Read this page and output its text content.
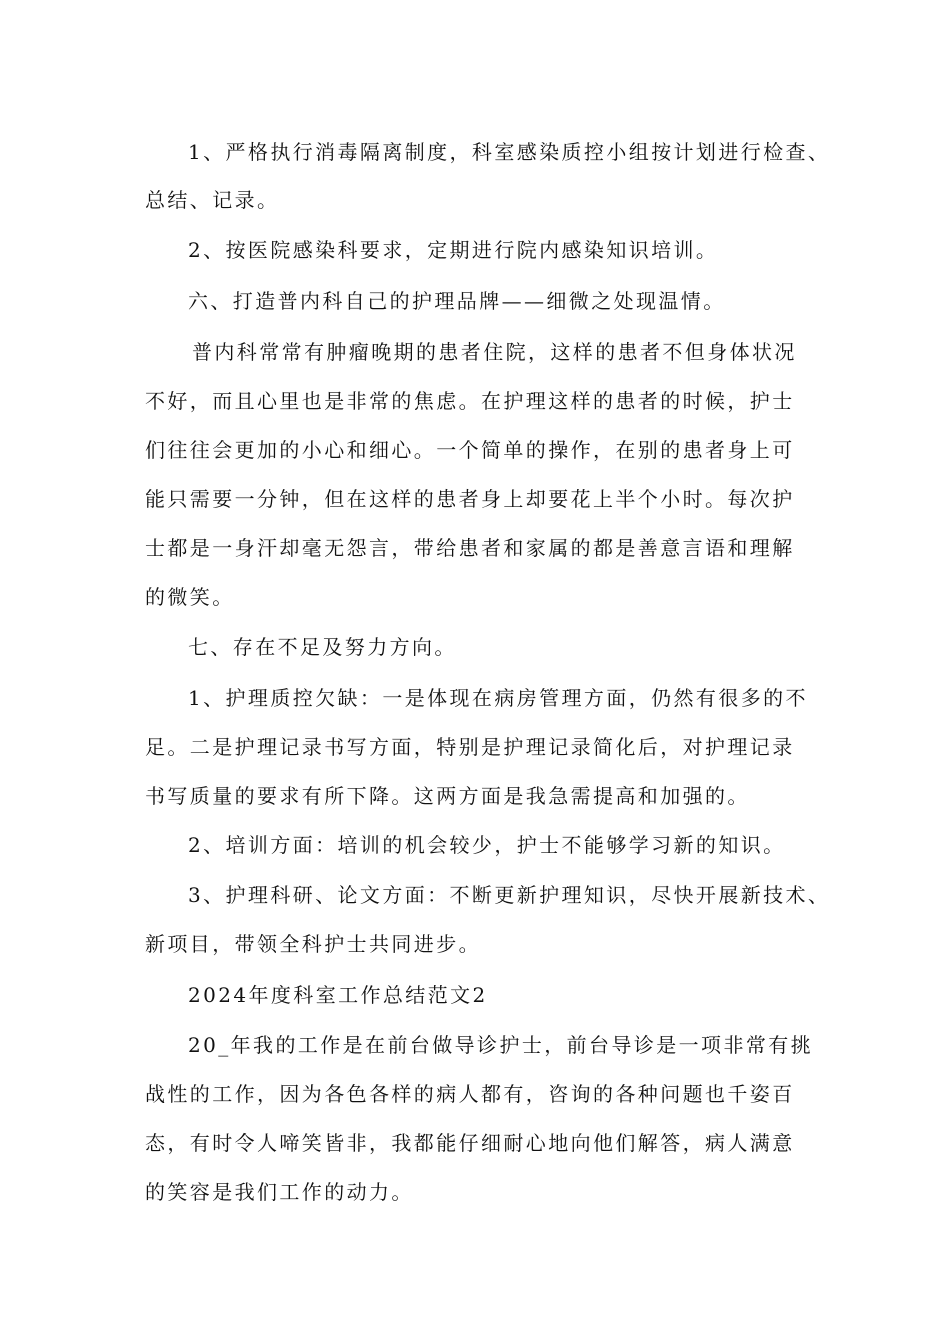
1、严格执行消毒隔离制度，科室感染质控小组按计划进行检查、

总结、记录。

2、按医院感染科要求，定期进行院内感染知识培训。

六、打造普内科自己的护理品牌——细微之处现温情。

普内科常常有肿瘤晚期的患者住院，这样的患者不但身体状况

不好，而且心里也是非常的焦虑。在护理这样的患者的时候，护士

们往往会更加的小心和细心。一个简单的操作，在别的患者身上可

能只需要一分钟，但在这样的患者身上却要花上半个小时。每次护

士都是一身汗却毫无怨言，带给患者和家属的都是善意言语和理解

的微笑。

七、存在不足及努力方向。

1、护理质控欠缺：一是体现在病房管理方面，仍然有很多的不

足。二是护理记录书写方面，特别是护理记录简化后，对护理记录

书写质量的要求有所下降。这两方面是我急需提高和加强的。

2、培训方面：培训的机会较少，护士不能够学习新的知识。

3、护理科研、论文方面：不断更新护理知识，尽快开展新技术、

新项目，带领全科护士共同进步。

2024年度科室工作总结范文2

20_年我的工作是在前台做导诊护士，前台导诊是一项非常有挑

战性的工作，因为各色各样的病人都有，咨询的各种问题也千姿百

态，有时令人啼笑皆非，我都能仔细耐心地向他们解答，病人满意

的笑容是我们工作的动力。
